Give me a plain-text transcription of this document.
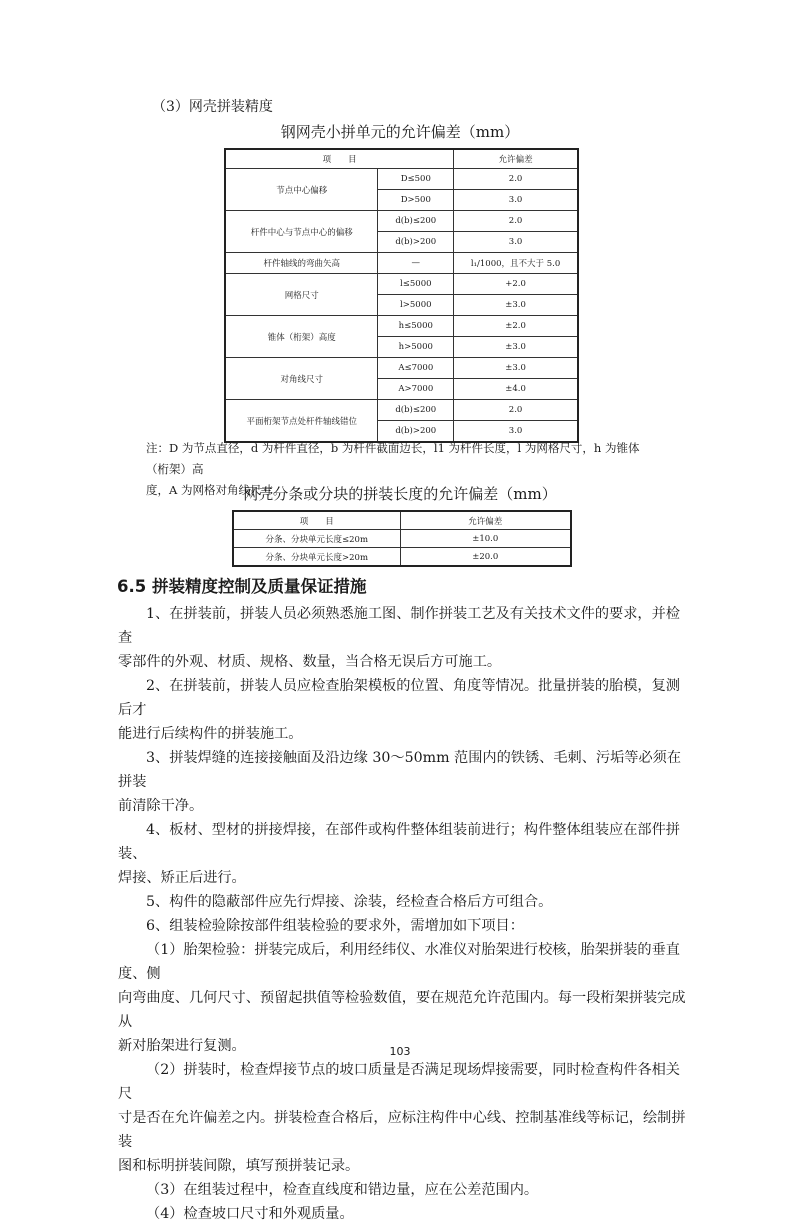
（3）网壳拼装精度
钢网壳小拼单元的允许偏差（mm）
项　　目		允许偏差
节点中心偏移	D≤500	2.0
	D>500	3.0
杆件中心与节点中心的偏移	d(b)≤200	2.0
	d(b)>200	3.0
杆件轴线的弯曲矢高	—	l₁/1000，且不大于 5.0
网格尺寸	l≤5000	+2.0
	l>5000	±3.0
锥体（桁架）高度	h≤5000	±2.0
	h>5000	±3.0
对角线尺寸	A≤7000	±3.0
	A>7000	±4.0
平面桁架节点处杆件轴线错位	d(b)≤200	2.0
	d(b)>200	3.0
注：D 为节点直径，d 为杆件直径，b 为杆件截面边长，l1 为杆件长度，l 为网格尺寸，h 为锥体（桁架）高
度，A 为网格对角线尺寸。
网壳分条或分块的拼装长度的允许偏差（mm）
项　　目	允许偏差
分条、分块单元长度≤20m	±10.0
分条、分块单元长度>20m	±20.0
6.5 拼装精度控制及质量保证措施
1、在拼装前，拼装人员必须熟悉施工图、制作拼装工艺及有关技术文件的要求，并检查
零部件的外观、材质、规格、数量，当合格无误后方可施工。
2、在拼装前，拼装人员应检查胎架模板的位置、角度等情况。批量拼装的胎模，复测后才
能进行后续构件的拼装施工。
3、拼装焊缝的连接接触面及沿边缘 30～50mm 范围内的铁锈、毛刺、污垢等必须在拼装
前清除干净。
4、板材、型材的拼接焊接，在部件或构件整体组装前进行；构件整体组装应在部件拼装、
焊接、矫正后进行。
5、构件的隐蔽部件应先行焊接、涂装，经检查合格后方可组合。
6、组装检验除按部件组装检验的要求外，需增加如下项目：
（1）胎架检验：拼装完成后，利用经纬仪、水准仪对胎架进行校核，胎架拼装的垂直度、侧
向弯曲度、几何尺寸、预留起拱值等检验数值，要在规范允许范围内。每一段桁架拼装完成从
新对胎架进行复测。
（2）拼装时，检查焊接节点的坡口质量是否满足现场焊接需要，同时检查构件各相关尺
寸是否在允许偏差之内。拼装检查合格后，应标注构件中心线、控制基准线等标记，绘制拼装
图和标明拼装间隙，填写预拼装记录。
（3）在组装过程中，检查直线度和错边量，应在公差范围内。
（4）检查坡口尺寸和外观质量。
103
